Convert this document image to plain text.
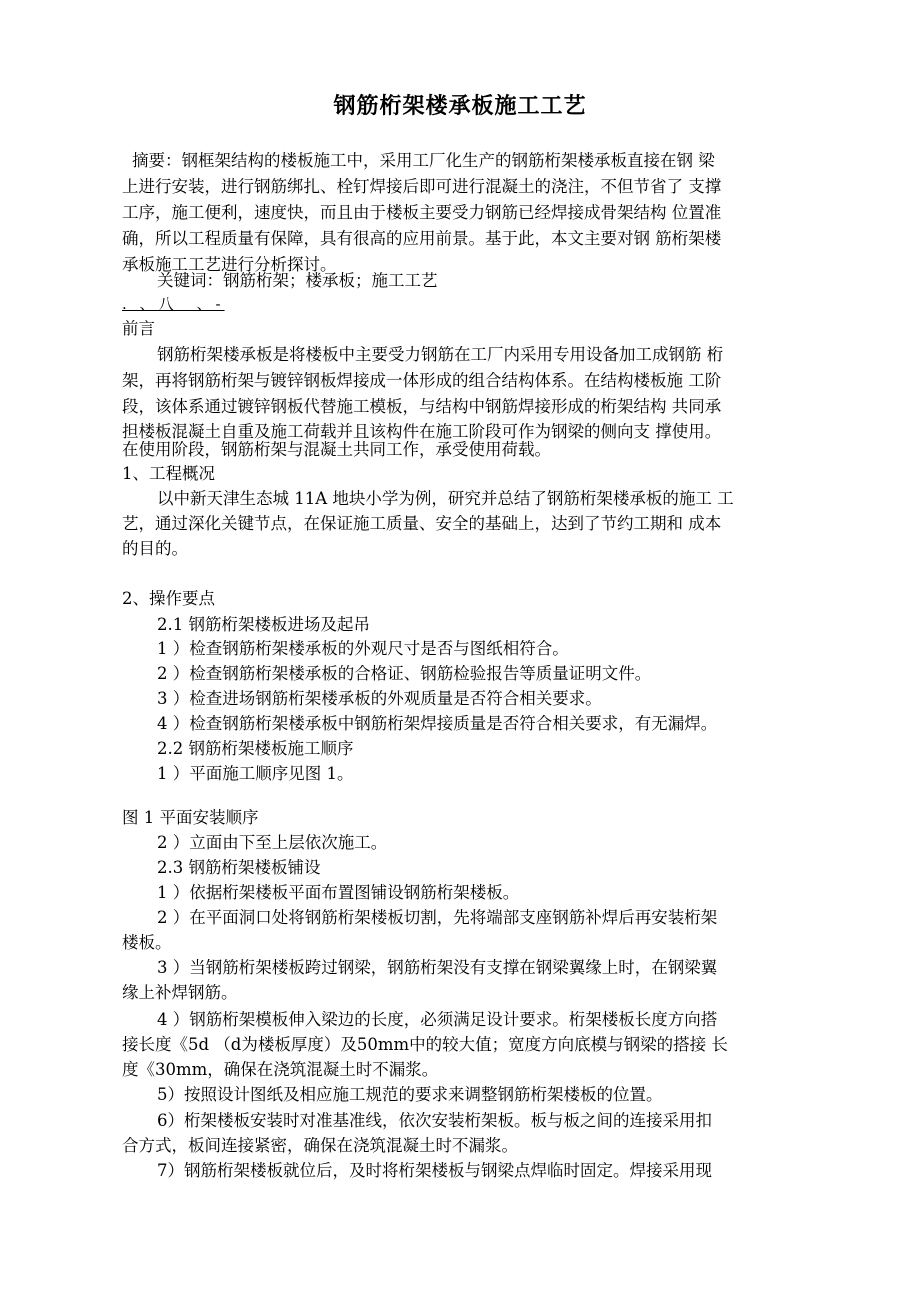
钢筋桁架楼承板施工工艺
摘要：钢框架结构的楼板施工中，采用工厂化生产的钢筋桁架楼承板直接在钢 梁
上进行安装，进行钢筋绑扎、栓钉焊接后即可进行混凝土的浇注，不但节省了 支撑
工序，施工便利，速度快，而且由于楼板主要受力钢筋已经焊接成骨架结构 位置准
确，所以工程质量有保障，具有很高的应用前景。基于此，本文主要对钢 筋桁架楼
承板施工工艺进行分析探讨。
关键词：钢筋桁架；楼承板；施工工艺
. 、八　、-
前言
钢筋桁架楼承板是将楼板中主要受力钢筋在工厂内采用专用设备加工成钢筋 桁
架，再将钢筋桁架与镀锌钢板焊接成一体形成的组合结构体系。在结构楼板施 工阶
段，该体系通过镀锌钢板代替施工模板，与结构中钢筋焊接形成的桁架结构 共同承
担楼板混凝土自重及施工荷载并且该构件在施工阶段可作为钢梁的侧向支 撑使用。
在使用阶段，钢筋桁架与混凝土共同工作，承受使用荷载。
1、工程概况
以中新天津生态城 11A 地块小学为例，研究并总结了钢筋桁架楼承板的施工 工
艺，通过深化关键节点，在保证施工质量、安全的基础上，达到了节约工期和 成本
的目的。
2、操作要点
2.1 钢筋桁架楼板进场及起吊
1 ）检查钢筋桁架楼承板的外观尺寸是否与图纸相符合。
2 ）检查钢筋桁架楼承板的合格证、钢筋检验报告等质量证明文件。
3 ）检查进场钢筋桁架楼承板的外观质量是否符合相关要求。
4 ）检查钢筋桁架楼承板中钢筋桁架焊接质量是否符合相关要求，有无漏焊。
2.2 钢筋桁架楼板施工顺序
1 ）平面施工顺序见图 1。
图 1 平面安装顺序
2 ）立面由下至上层依次施工。
2.3 钢筋桁架楼板铺设
1 ）依据桁架楼板平面布置图铺设钢筋桁架楼板。
2 ）在平面洞口处将钢筋桁架楼板切割，先将端部支座钢筋补焊后再安装桁架
楼板。
3 ）当钢筋桁架楼板跨过钢梁，钢筋桁架没有支撑在钢梁翼缘上时，在钢梁翼
缘上补焊钢筋。
4 ）钢筋桁架模板伸入梁边的长度，必须满足设计要求。桁架楼板长度方向搭
接长度《5d （d为楼板厚度）及50mm中的较大值；宽度方向底模与钢梁的搭接 长
度《30mm，确保在浇筑混凝土时不漏浆。
5）按照设计图纸及相应施工规范的要求来调整钢筋桁架楼板的位置。
6）桁架楼板安装时对准基准线，依次安装桁架板。板与板之间的连接采用扣
合方式，板间连接紧密，确保在浇筑混凝土时不漏浆。
7）钢筋桁架楼板就位后，及时将桁架楼板与钢梁点焊临时固定。焊接采用现
